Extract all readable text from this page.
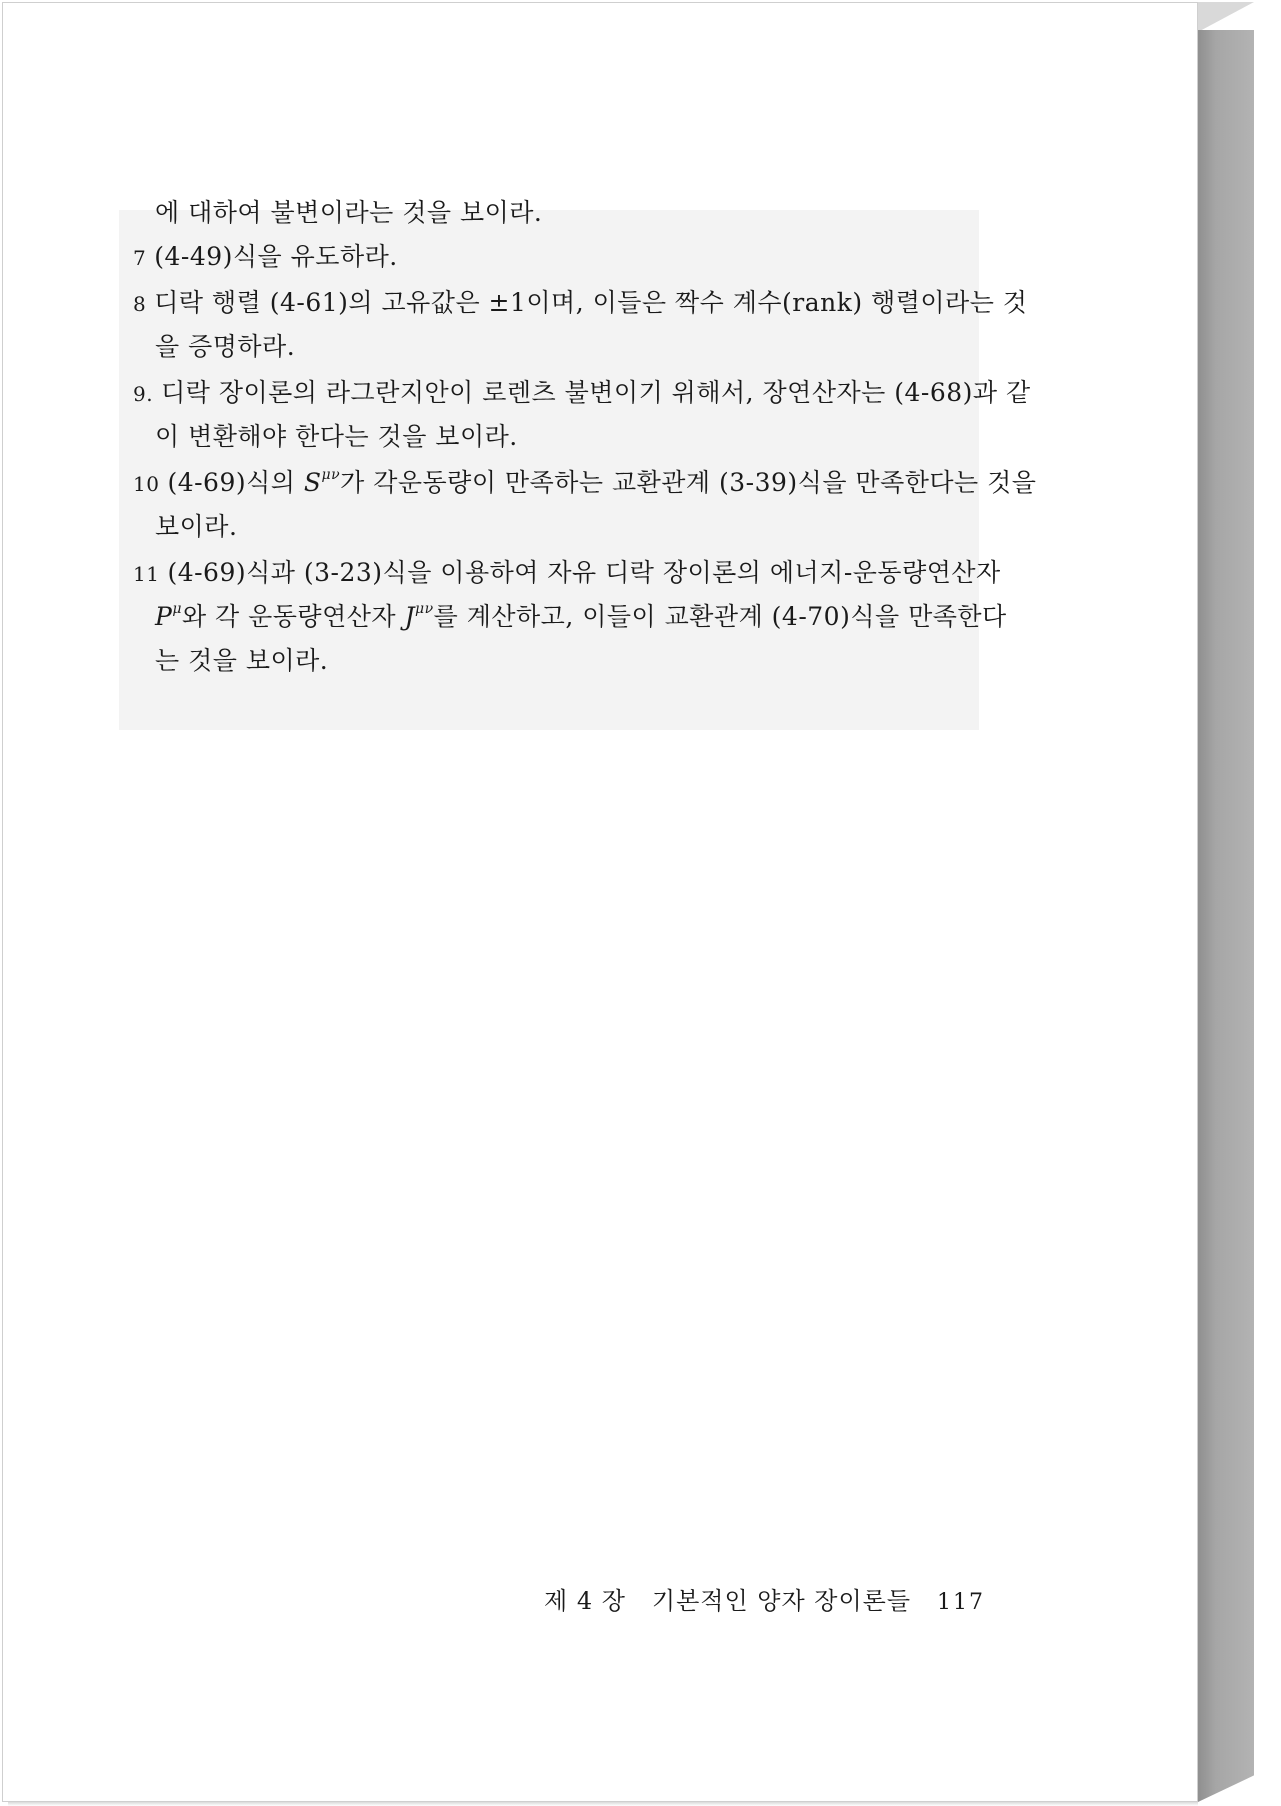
에 대하여 불변이라는 것을 보이라.
7 (4-49)식을 유도하라.
8 디락 행렬 (4-61)의 고유값은 ±1이며, 이들은 짝수 계수(rank) 행렬이라는 것
을 증명하라.
9. 디락 장이론의 라그란지안이 로렌츠 불변이기 위해서, 장연산자는 (4-68)과 같
이 변환해야 한다는 것을 보이라.
10 (4-69)식의 $S^{\mu\nu}$가 각운동량이 만족하는 교환관계 (3-39)식을 만족한다는 것을
보이라.
11 (4-69)식과 (3-23)식을 이용하여 자유 디락 장이론의 에너지-운동량연산자
$P^\mu$와 각 운동량연산자 $J^{\mu\nu}$를 계산하고, 이들이 교환관계 (4-70)식을 만족한다
는 것을 보이라.
제 4 장 기본적인 양자 장이론들 117
